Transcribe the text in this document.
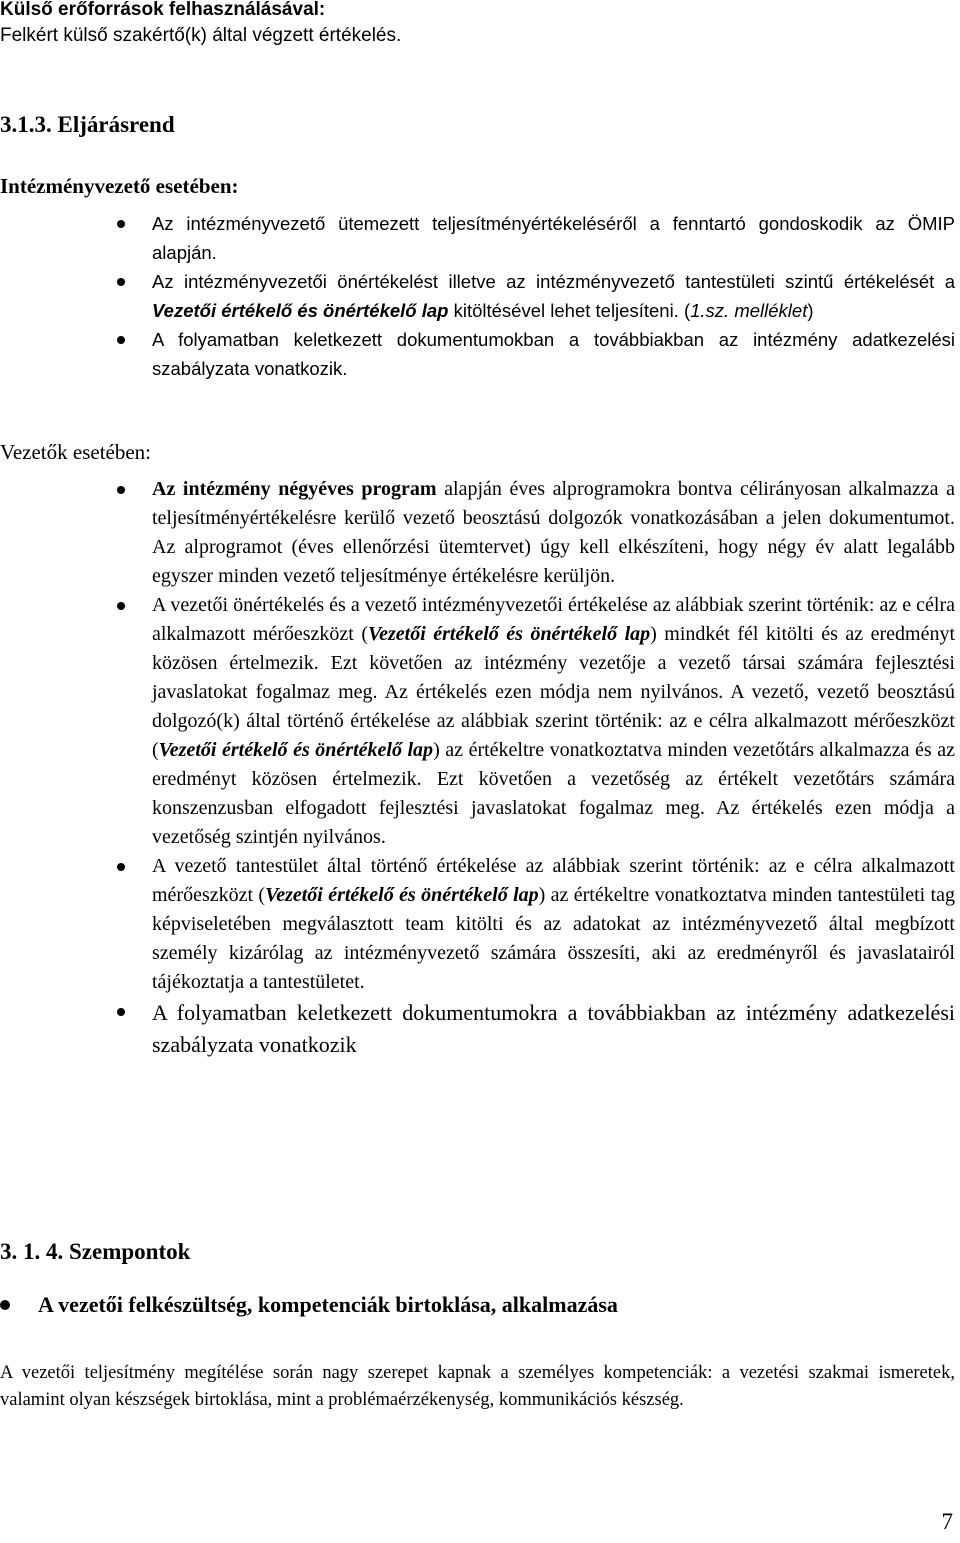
Külső erőforrások felhasználásával:
Felkért külső szakértő(k) által végzett értékelés.
3.1.3. Eljárásrend
Intézményvezető esetében:
Az intézményvezető ütemezett teljesítményértékeléséről a fenntartó gondoskodik az ÖMIP alapján.
Az intézményvezetői önértékelést illetve az intézményvezető tantestületi szintű értékelését a Vezetői értékelő és önértékelő lap kitöltésével lehet teljesíteni. (1.sz. melléklet)
A folyamatban keletkezett dokumentumokban a továbbiakban az intézmény adatkezelési szabályzata vonatkozik.
Vezetők esetében:
Az intézmény négyéves program alapján éves alprogramokra bontva célirányosan alkalmazza a teljesítményértékelésre kerülő vezető beosztású dolgozók vonatkozásában a jelen dokumentumot. Az alprogramot (éves ellenőrzési ütemtervet) úgy kell elkészíteni, hogy négy év alatt legalább egyszer minden vezető teljesítménye értékelésre kerüljön.
A vezetői önértékelés és a vezető intézményvezetői értékelése az alábbiak szerint történik: az e célra alkalmazott mérőeszközt (Vezetői értékelő és önértékelő lap) mindkét fél kitölti és az eredményt közösen értelmezik. Ezt követően az intézmény vezetője a vezető társai számára fejlesztési javaslatokat fogalmaz meg. Az értékelés ezen módja nem nyilvános. A vezető, vezető beosztású dolgozó(k) által történő értékelése az alábbiak szerint történik: az e célra alkalmazott mérőeszközt (Vezetői értékelő és önértékelő lap) az értékeltre vonatkoztatva minden vezetőtárs alkalmazza és az eredményt közösen értelmezik. Ezt követően a vezetőség az értékelt vezetőtárs számára konszenzusban elfogadott fejlesztési javaslatokat fogalmaz meg. Az értékelés ezen módja a vezetőség szintjén nyilvános.
A vezető tantestület által történő értékelése az alábbiak szerint történik: az e célra alkalmazott mérőeszközt (Vezetői értékelő és önértékelő lap) az értékeltre vonatkoztatva minden tantestületi tag képviseletében megválasztott team kitölti és az adatokat az intézményvezető által megbízott személy kizárólag az intézményvezető számára összesíti, aki az eredményről és javaslatairól tájékoztatja a tantestületet.
A folyamatban keletkezett dokumentumokra a továbbiakban az intézmény adatkezelési szabályzata vonatkozik
3. 1. 4. Szempontok
A vezetői felkészültség, kompetenciák birtoklása, alkalmazása
A vezetői teljesítmény megítélése során nagy szerepet kapnak a személyes kompetenciák: a vezetési szakmai ismeretek, valamint olyan készségek birtoklása, mint a problémaérzékenység, kommunikációs készség.
7
